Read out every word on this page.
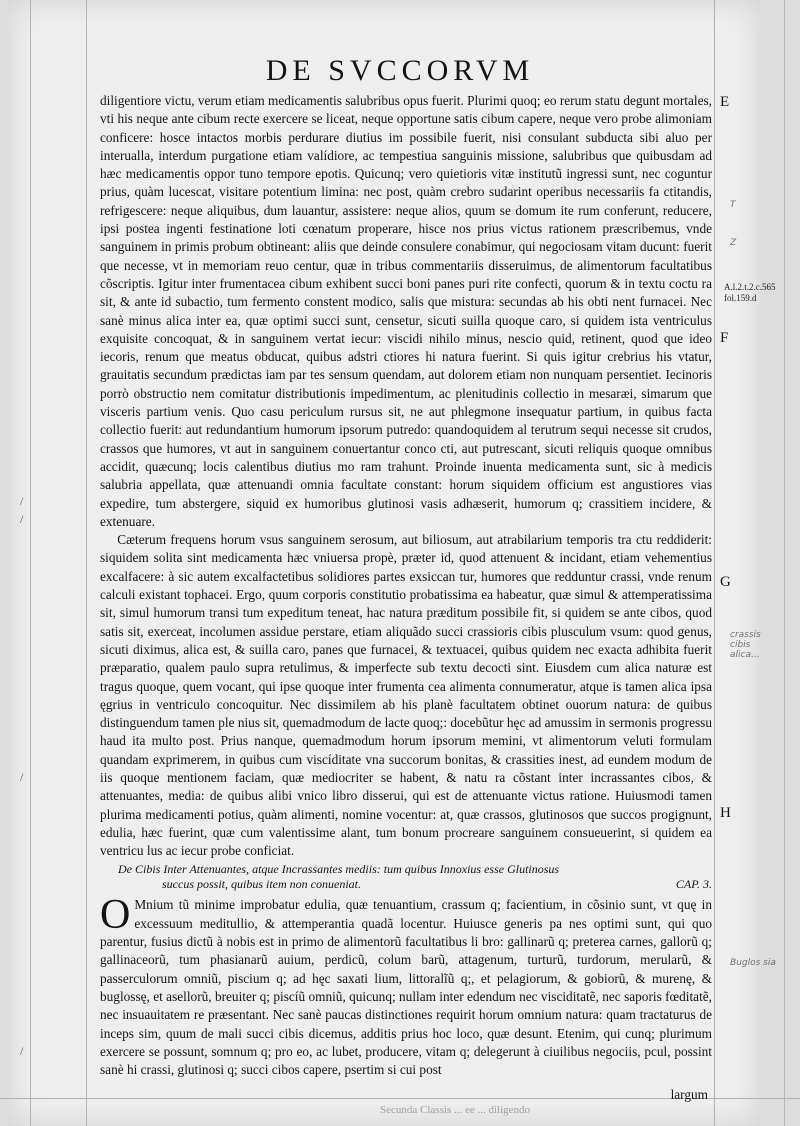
DE SVCCORVM

diligentiore victu, verum etiam medicamentis salubribus opus fuerit. Plurimi quoq; eo rerum statu degunt mortales, vti his neque ante cibum recte exercere se liceat, neque opportune satis cibum capere, neque vero probe alimoniam conficere: hosce intactos morbis perdurare diutius im possibile fuerit, nisi consulant subducta sibi aluo per interualla, interdum purgatione etiam valídiore, ac tempestiua sanguinis missione, salubribus que quibusdam ad hæc medicamentis oppor tuno tempore epotis. Quicunq; vero quietioris vitæ institutũ ingressi sunt, nec coguntur prius, quàm lucescat, visitare potentium limina: nec post, quàm crebro sudarint operibus necessariis fa ctitandis, refrigescere: neque aliquibus, dum lauantur, assistere: neque alios, quum se domum ite rum conferunt, reducere, ipsi postea ingenti festinatione loti cœnatum properare, hisce nos prius victus rationem præscribemus, vnde sanguinem in primis probum obtineant: aliis que deinde consulere conabimur, qui negociosam vitam ducunt: fuerit que necesse, vt in memoriam reuo centur, quæ in tribus commentariis disseruimus, de alimentorum facultatibus cõscriptis. Igitur inter frumentacea cibum exhibent succi boni panes puri rite confecti, quorum & in textu coctu ra sit, & ante id subactio, tum fermento constent modico, salis que mistura: secundas ab his obti nent furnacei. Nec sanè minus alica inter ea, quæ optimi succi sunt, censetur, sicuti suilla quoque caro, si quidem ista ventriculus exquisite concoquat, & in sanguinem vertat iecur: viscidi nihilo minus, nescio quid, retinent, quod que ideo iecoris, renum que meatus obducat, quibus adstri ctiores hi natura fuerint. Si quis igitur crebrius his vtatur, grauitatis secundum prædictas iam par tes sensum quendam, aut dolorem etiam non nunquam persentiet. Iecinoris porrò obstructio nem comitatur distributionis impedimentum, ac plenitudinis collectio in mesaræi, simarum que visceris partium venis. Quo casu periculum rursus sit, ne aut phlegmone insequatur partium, in quibus facta collectio fuerit: aut redundantium humorum ipsorum putredo: quandoquidem al terutrum sequi necesse sit crudos, crassos que humores, vt aut in sanguinem conuertantur conco cti, aut putrescant, sicuti reliquis quoque omnibus accidit, quæcunq; locis calentibus diutius mo ram trahunt. Proinde inuenta medicamenta sunt, sic à medicis salubria appellata, quæ attenuandi omnia facultate constant: horum siquidem officium est angustiores vias expedire, tum abstergere, siquid ex humoribus glutinosi vasis adhæserit, humorum q; crassitiem incidere, & extenuare.

Cæterum frequens horum vsus sanguinem serosum, aut biliosum, aut atrabilarium temporis tra ctu reddiderit: siquidem solita sint medicamenta hæc vniuersa propè, præter id, quod attenuent & incidant, etiam vehementius excalfacere: à sic autem excalfactetibus solidiores partes exsiccan tur, humores que redduntur crassi, vnde renum calculi existant tophacei. Ergo, quum corporis constitutio probatissima ea habeatur, quæ simul & attemperatissima sit, simul humorum transi tum expeditum teneat, hac natura præditum possibile fit, si quidem se ante cibos, quod satis sit, exerceat, incolumen assidue perstare, etiam aliquãdo succi crassioris cibis plusculum vsum: quod genus, sicuti diximus, alica est, & suilla caro, panes que furnacei, & textuacei, quibus quidem nec exacta adhibita fuerit præparatio, qualem paulo supra retulimus, & imperfecte sub textu decocti sint. Eiusdem cum alica naturæ est tragus quoque, quem vocant, qui ipse quoque inter frumenta cea alimenta connumeratur, atque is tamen alica ipsa ęgrius in ventriculo concoquitur. Nec dissimilem ab his planè facultatem obtinet ouorum natura: de quibus distinguendum tamen ple nius sit, quemadmodum de lacte quoq;: docebũtur hęc ad amussim in sermonis progressu haud ita multo post. Prius nanque, quemadmodum horum ipsorum memini, vt alimentorum veluti formulam quandam exprimerem, in quibus cum viscíditate vna succorum bonitas, & crassities inest, ad eundem modum de iis quoque mentionem faciam, quæ mediocriter se habent, & natu ra cõstant inter incrassantes cibos, & attenuantes, media: de quibus alibi vnico libro disserui, qui est de attenuante victus ratione. Huiusmodi tamen plurima medicamenti potius, quàm alimenti, nomine vocentur: at, quæ crassos, glutinosos que succos progignunt, edulia, hæc fuerint, quæ cum valentissime alant, tum bonum procreare sanguinem consueuerint, si quidem ea ventricu lus ac iecur probe conficiat.

De Cibis Inter Attenuantes, atque Incrassantes mediis: tum quibus Innoxius esse Glutinosus
succus possit, quibus item non conueniat.	CAP. 3.

O Mnium tũ minime improbatur edulia, quæ tenuantium, crassum q; facientium, in cõsinio sunt, vt quę in excessuum meditullio, & attemperantia quadã locentur. Huiusce generis pa nes optimi sunt, qui quo parentur, fusius dictũ à nobis est in primo de alimentorũ facultatibus li bro: gallinarũ q; preterea carnes, gallorũ q; gallinaceorũ, tum phasianarũ auium, perdicũ, colum barũ, attagenum, turturũ, turdorum, merularũ, & passerculorum omniũ, piscium q; ad hęc saxati lium, littoralĩũ q;, et pelagiorum, & gobiorũ, & murenę, & buglossę, et asellorũ, breuiter q; piscíũ omniũ, quicunq; nullam inter edendum nec visciditatẽ, nec saporis fœditatẽ, nec insuauitatem re præsentant. Nec sanè paucas distinctiones requirit horum omnium natura: quam tractaturus de inceps sim, quum de mali succi cibis dicemus, additis prius hoc loco, quæ desunt. Etenim, qui cunq; plurimum exercere se possunt, somnum q; pro eo, ac lubet, producere, vitam q; delegerunt à ciuilibus negociis, pcul, possint sanè hi crassi, glutinosi q; succi cibos capere, psertim si cui post

largum
E
F
G
H
A.l.2.t.2.c.565
fol.159.d
T
Z
crassis cibis alica...
Buglos sia
/
/
/
/
Secunda Classis ... ee ... diligendo
